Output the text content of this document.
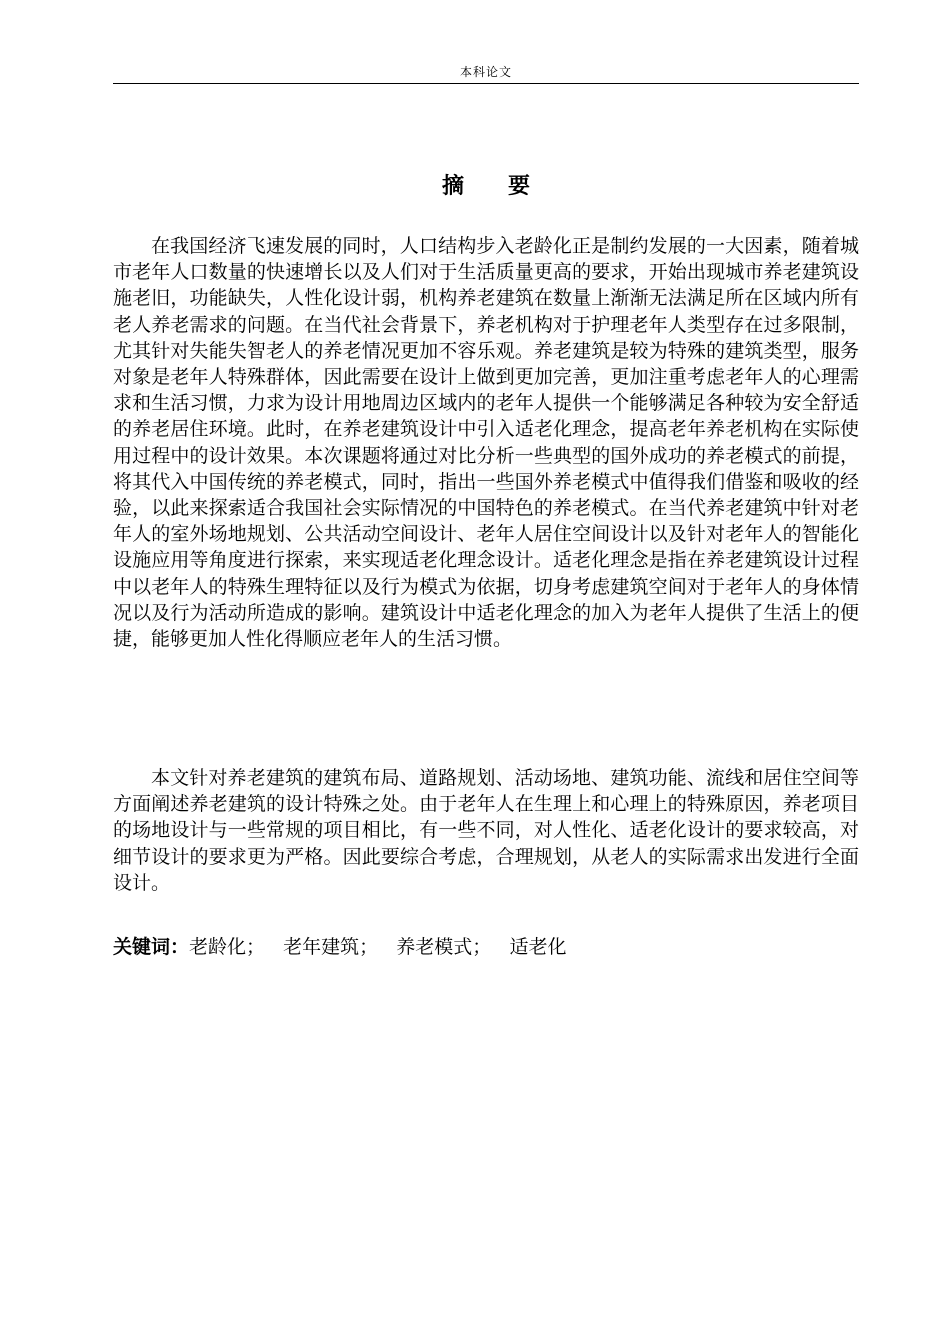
本科论文
摘 要

在我国经济飞速发展的同时，人口结构步入老龄化正是制约发展的一大因素，随着城市老年人口数量的快速增长以及人们对于生活质量更高的要求，开始出现城市养老建筑设施老旧，功能缺失，人性化设计弱，机构养老建筑在数量上渐渐无法满足所在区域内所有老人养老需求的问题。在当代社会背景下，养老机构对于护理老年人类型存在过多限制，尤其针对失能失智老人的养老情况更加不容乐观。养老建筑是较为特殊的建筑类型，服务对象是老年人特殊群体，因此需要在设计上做到更加完善，更加注重考虑老年人的心理需求和生活习惯，力求为设计用地周边区域内的老年人提供一个能够满足各种较为安全舒适的养老居住环境。此时，在养老建筑设计中引入适老化理念，提高老年养老机构在实际使用过程中的设计效果。本次课题将通过对比分析一些典型的国外成功的养老模式的前提，将其代入中国传统的养老模式，同时，指出一些国外养老模式中值得我们借鉴和吸收的经验，以此来探索适合我国社会实际情况的中国特色的养老模式。在当代养老建筑中针对老年人的室外场地规划、公共活动空间设计、老年人居住空间设计以及针对老年人的智能化设施应用等角度进行探索，来实现适老化理念设计。适老化理念是指在养老建筑设计过程中以老年人的特殊生理特征以及行为模式为依据，切身考虑建筑空间对于老年人的身体情况以及行为活动所造成的影响。建筑设计中适老化理念的加入为老年人提供了生活上的便捷，能够更加人性化得顺应老年人的生活习惯。

本文针对养老建筑的建筑布局、道路规划、活动场地、建筑功能、流线和居住空间等方面阐述养老建筑的设计特殊之处。由于老年人在生理上和心理上的特殊原因，养老项目的场地设计与一些常规的项目相比，有一些不同，对人性化、适老化设计的要求较高，对细节设计的要求更为严格。因此要综合考虑，合理规划，从老人的实际需求出发进行全面设计。

关键词：老龄化； 老年建筑； 养老模式； 适老化
